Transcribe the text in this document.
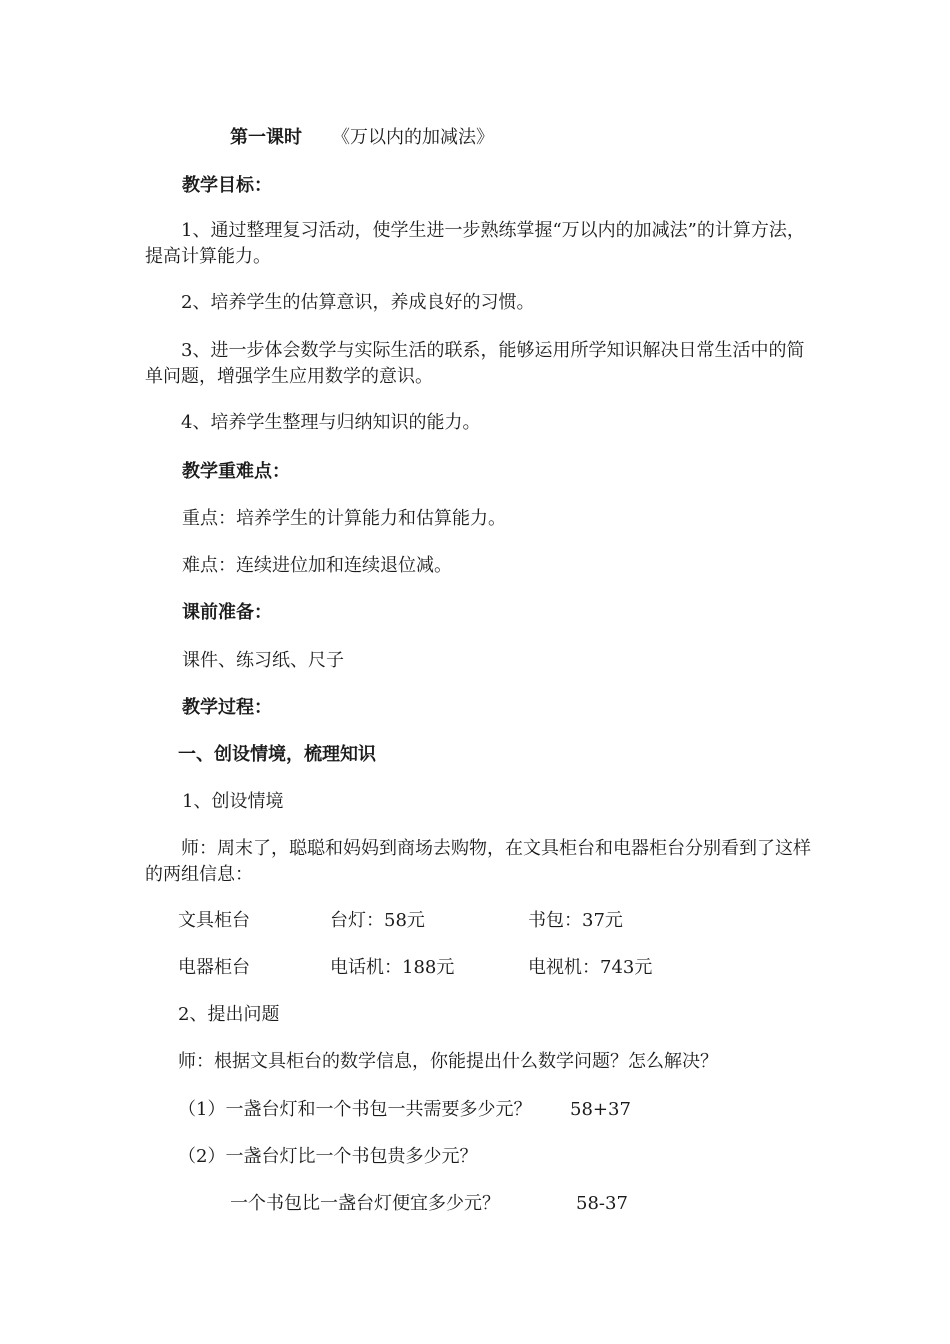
第一课时 《万以内的加减法》
教学目标：
1、通过整理复习活动，使学生进一步熟练掌握“万以内的加减法”的计算方法，提高计算能力。
2、培养学生的估算意识，养成良好的习惯。
3、进一步体会数学与实际生活的联系，能够运用所学知识解决日常生活中的简单问题，增强学生应用数学的意识。
4、培养学生整理与归纳知识的能力。
教学重难点：
重点：培养学生的计算能力和估算能力。
难点：连续进位加和连续退位减。
课前准备：
课件、练习纸、尺子
教学过程：
一、创设情境，梳理知识
1、创设情境
师：周末了，聪聪和妈妈到商场去购物，在文具柜台和电器柜台分别看到了这样的两组信息：
文具柜台	台灯：58元	书包：37元
电器柜台	电话机：188元	电视机：743元
2、提出问题
师：根据文具柜台的数学信息，你能提出什么数学问题？怎么解决？
（1）一盏台灯和一个书包一共需要多少元？ 58+37
（2）一盏台灯比一个书包贵多少元？
一个书包比一盏台灯便宜多少元？	58-37
